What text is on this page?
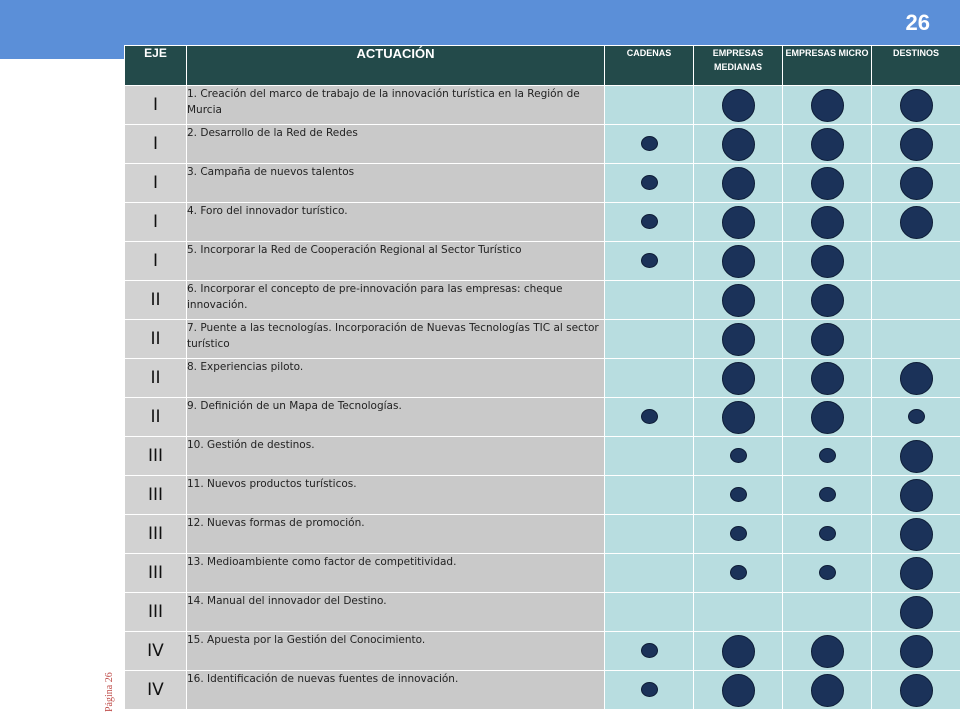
26
Página 26
EJE	ACTUACIÓN	CADENAS	EMPRESAS MEDIANAS	EMPRESAS MICRO	DESTINOS
I	1. Creación del marco de trabajo de la innovación turística en la Región de Murcia				
I	2. Desarrollo de la Red de Redes				
I	3. Campaña de nuevos talentos				
I	4. Foro del innovador turístico.				
I	5. Incorporar la Red de Cooperación Regional al Sector Turístico				
II	6. Incorporar el concepto de pre-innovación para las empresas: cheque innovación.				
II	7. Puente a las tecnologías. Incorporación de Nuevas Tecnologías TIC al sector turístico				
II	8. Experiencias piloto.				
II	9. Definición de un Mapa de Tecnologías.				
III	10. Gestión de destinos.				
III	11. Nuevos productos turísticos.				
III	12. Nuevas formas de promoción.				
III	13. Medioambiente como factor de competitividad.				
III	14. Manual del innovador del Destino.				
IV	15. Apuesta por la Gestión del Conocimiento.				
IV	16. Identificación de nuevas fuentes de innovación.				
